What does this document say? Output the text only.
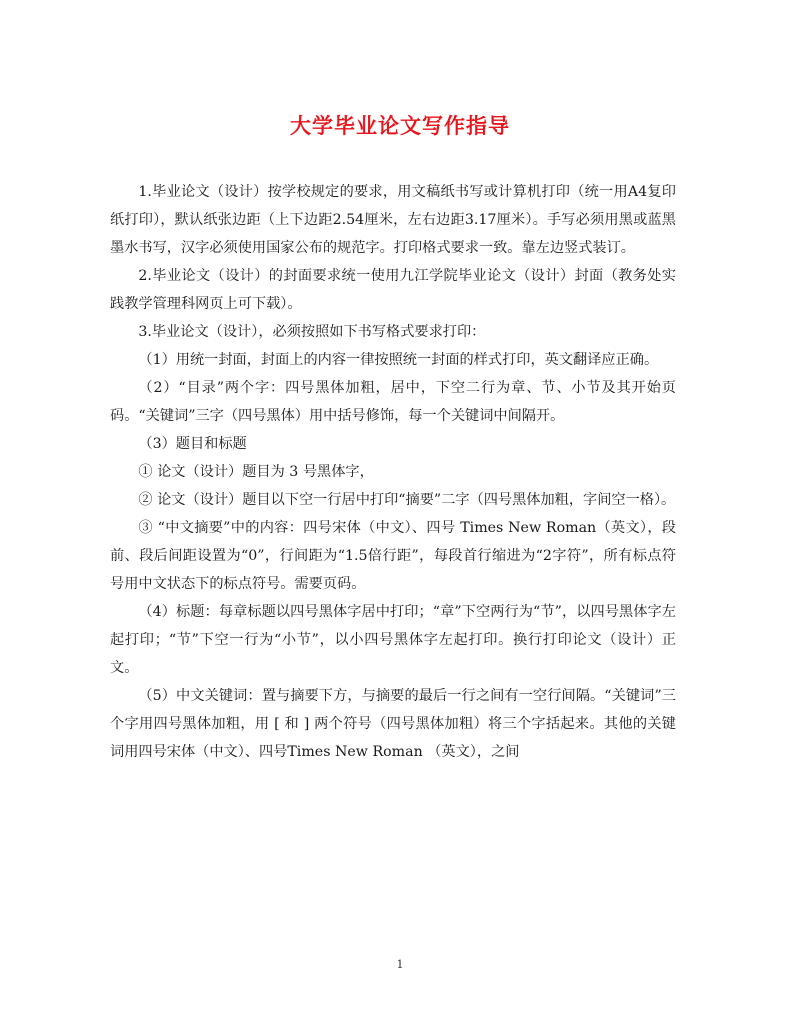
大学毕业论文写作指导

1.毕业论文（设计）按学校规定的要求，用文稿纸书写或计算机打印（统一用A4复印纸打印），默认纸张边距（上下边距2.54厘米，左右边距3.17厘米）。手写必须用黑或蓝黑墨水书写，汉字必须使用国家公布的规范字。打印格式要求一致。靠左边竖式装订。

2.毕业论文（设计）的封面要求统一使用九江学院毕业论文（设计）封面（教务处实践教学管理科网页上可下载）。

3.毕业论文（设计），必须按照如下书写格式要求打印：

（1）用统一封面，封面上的内容一律按照统一封面的样式打印，英文翻译应正确。

（2）“目录”两个字：四号黑体加粗，居中，下空二行为章、节、小节及其开始页码。“关键词”三字（四号黑体）用中括号修饰，每一个关键词中间隔开。

（3）题目和标题

① 论文（设计）题目为 3 号黑体字，

② 论文（设计）题目以下空一行居中打印“摘要”二字（四号黑体加粗，字间空一格）。

③ “中文摘要”中的内容：四号宋体（中文）、四号 Times New Roman（英文），段前、段后间距设置为“0”，行间距为“1.5倍行距”，每段首行缩进为“2字符”，所有标点符号用中文状态下的标点符号。需要页码。

（4）标题：每章标题以四号黑体字居中打印；“章”下空两行为“节”，以四号黑体字左起打印；“节”下空一行为“小节”，以小四号黑体字左起打印。换行打印论文（设计）正文。

（5）中文关键词：置与摘要下方，与摘要的最后一行之间有一空行间隔。“关键词”三个字用四号黑体加粗，用 [ 和 ] 两个符号（四号黑体加粗）将三个字括起来。其他的关键词用四号宋体（中文）、四号Times New Roman （英文），之间

1
